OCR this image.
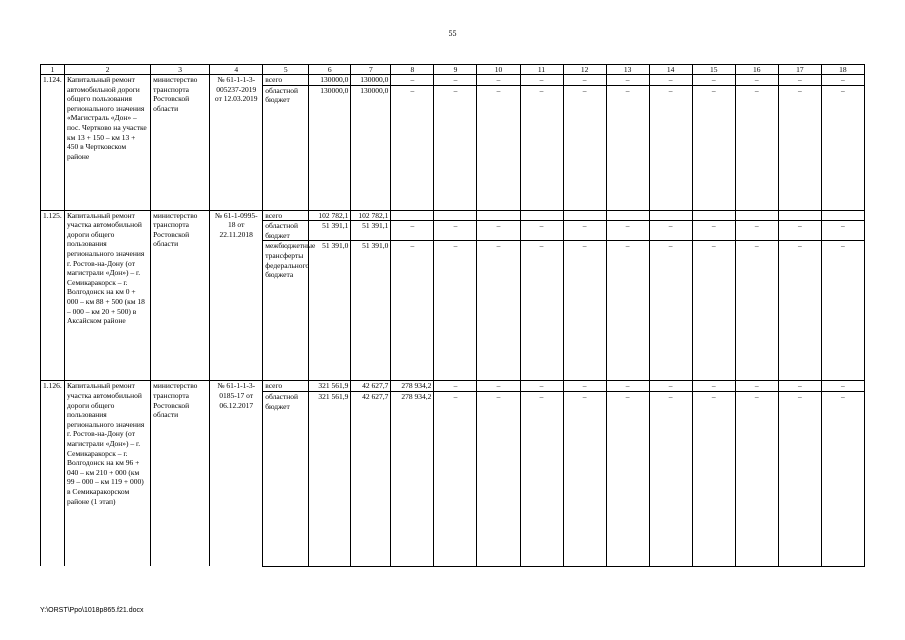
55
1	2	3	4	5	6	7	8	9	10	11	12	13	14	15	16	17	18
1.124.	Капитальный ремонт автомобильной дороги общего пользования регионального значения «Магистраль «Дон» – пос. Чертково на участке км 13 + 150 – км 13 + 450 в Чертковском районе	министерство транспорта Ростовской области	№ 61-1-1-3-005237-2019 от 12.03.2019	всего	130000,0	130000,0	–	–	–	–	–	–	–	–	–	–	–
				областной бюджет	130000,0	130000,0	–	–	–	–	–	–	–	–	–	–	–
1.125.	Капитальный ремонт участка автомобильной дороги общего пользования регионального значения г. Ростов-на-Дону (от магистрали «Дон») – г. Семикаракорск – г. Волгодонск на км 0 + 000 – км 88 + 500 (км 18 – 000 – км 20 + 500) в Аксайском районе	министерство транспорта Ростовской области	№ 61-1-0995-18 от 22.11.2018	всего	102 782,1	102 782,1											
				областной бюджет	51 391,1	51 391,1	–	–	–	–	–	–	–	–	–	–	–
				межбюджетные трансферты федерального бюджета	51 391,0	51 391,0	–	–	–	–	–	–	–	–	–	–	–
1.126.	Капитальный ремонт участка автомобильной дороги общего пользования регионального значения г. Ростов-на-Дону (от магистрали «Дон») – г. Семикаракорск – г. Волгодонск на км 96 + 040 – км 210 + 000 (км 99 – 000 – км 119 + 000) в Семикаракорском районе (1 этап)	министерство транспорта Ростовской области	№ 61-1-1-3-0185-17 от 06.12.2017	всего	321 561,9	42 627,7	278 934,2	–	–	–	–	–	–	–	–	–	–
				областной бюджет	321 561,9	42 627,7	278 934,2	–	–	–	–	–	–	–	–	–	–
Y:\ORST\Ppo\1018p865.f21.docx
